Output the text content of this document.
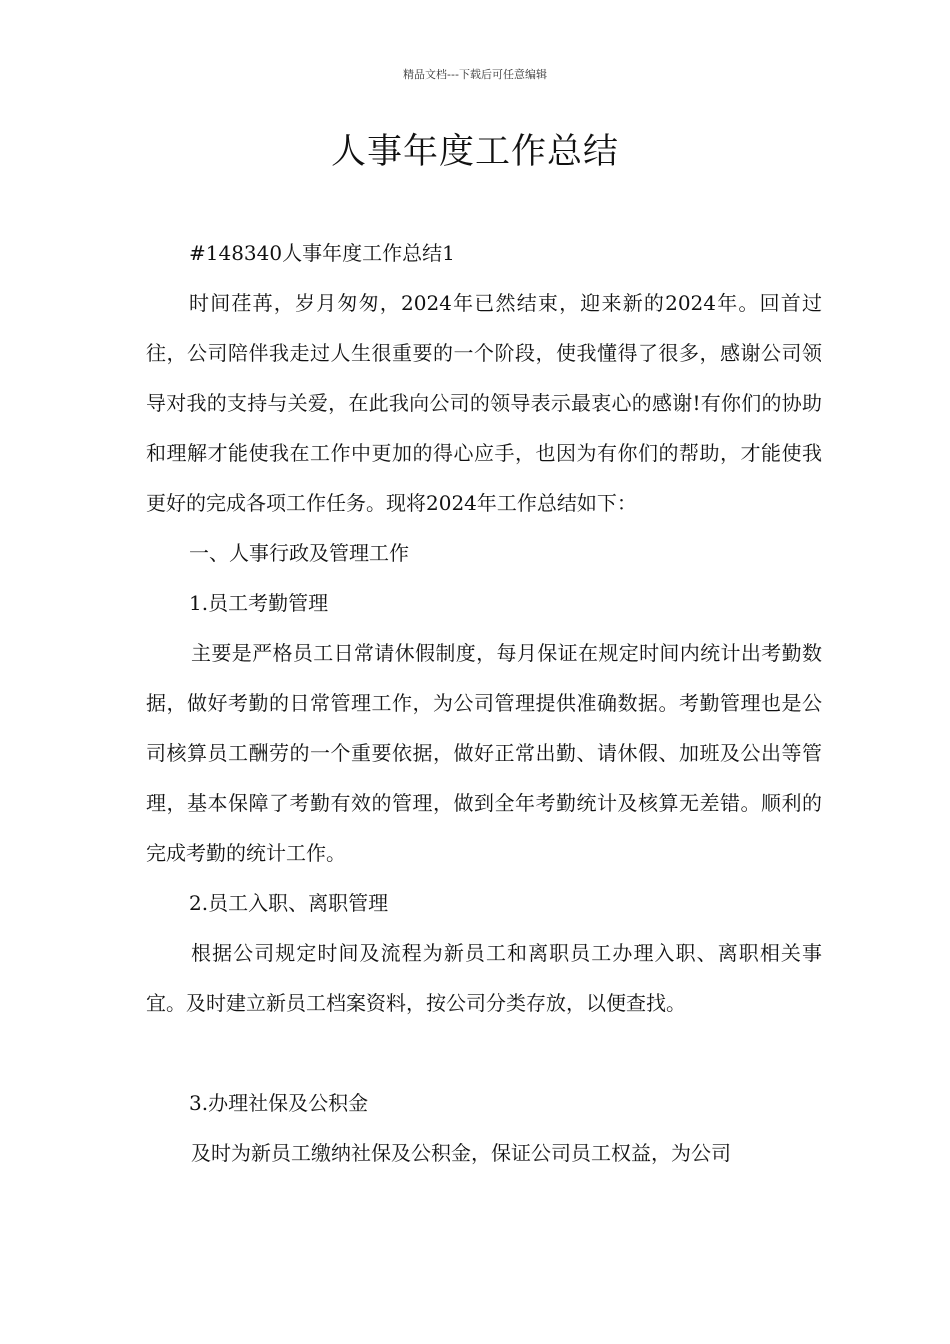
精品文档---下载后可任意编辑
人事年度工作总结

#148340人事年度工作总结1

时间荏苒，岁月匆匆，2024年已然结束，迎来新的2024年。回首过往，公司陪伴我走过人生很重要的一个阶段，使我懂得了很多，感谢公司领导对我的支持与关爱，在此我向公司的领导表示最衷心的感谢!有你们的协助和理解才能使我在工作中更加的得心应手，也因为有你们的帮助，才能使我更好的完成各项工作任务。现将2024年工作总结如下：

一、人事行政及管理工作

1.员工考勤管理

主要是严格员工日常请休假制度，每月保证在规定时间内统计出考勤数据，做好考勤的日常管理工作，为公司管理提供准确数据。考勤管理也是公司核算员工酬劳的一个重要依据，做好正常出勤、请休假、加班及公出等管理，基本保障了考勤有效的管理，做到全年考勤统计及核算无差错。顺利的完成考勤的统计工作。

2.员工入职、离职管理

根据公司规定时间及流程为新员工和离职员工办理入职、离职相关事宜。及时建立新员工档案资料，按公司分类存放，以便查找。

3.办理社保及公积金

及时为新员工缴纳社保及公积金，保证公司员工权益，为公司
